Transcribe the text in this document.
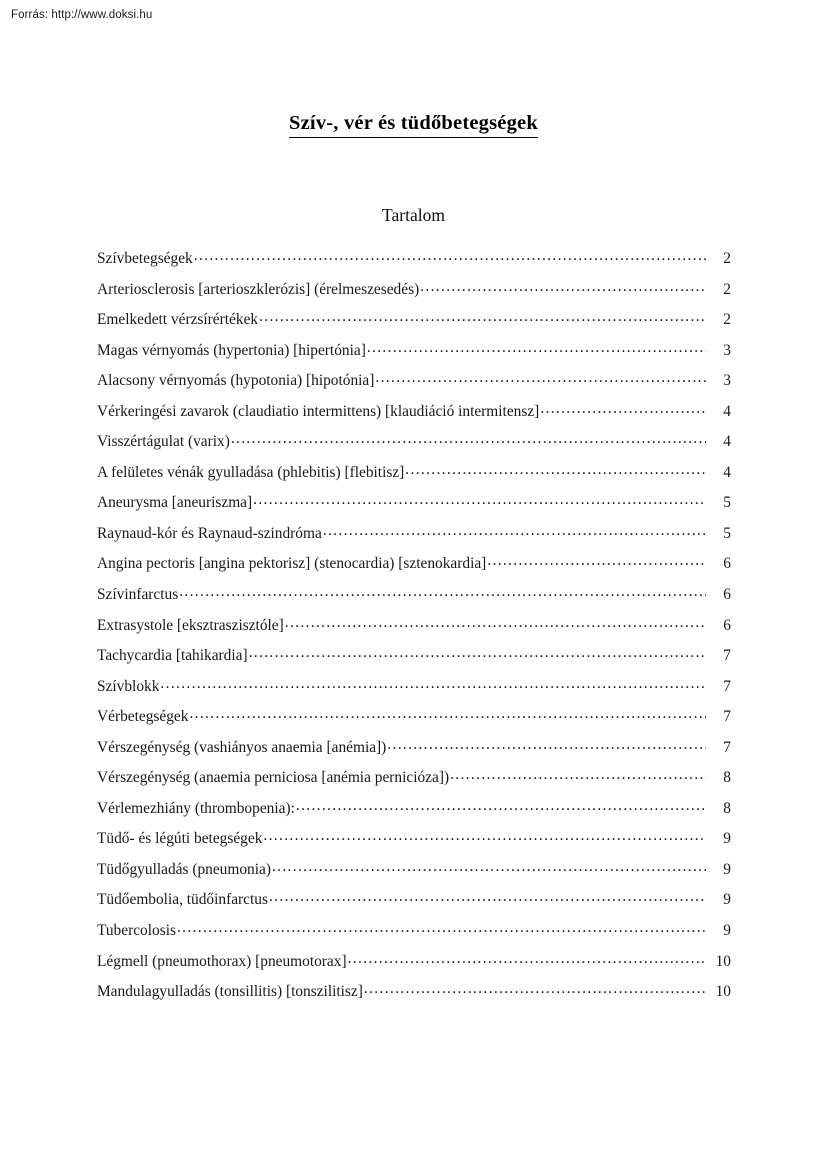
Forrás: http://www.doksi.hu
Szív-, vér és tüdőbetegségek
Tartalom
Szívbetegségek .....	2
Arteriosclerosis [arterioszklerózis] (érelmeszesedés) .....	2
Emelkedett vérzsírértékek .....	2
Magas vérnyomás (hypertonia) [hipertónia] .....	3
Alacsony vérnyomás (hypotonia) [hipotónia] .....	3
Vérkeringési zavarok (claudiatio intermittens) [klaudiáció intermitensz] .....	4
Visszértágulat (varix) .....	4
A felületes vénák gyulladása (phlebitis) [flebitisz] .....	4
Aneurysma [aneuriszma] .....	5
Raynaud-kór és Raynaud-szindróma .....	5
Angina pectoris [angina pektorisz] (stenocardia) [sztenokardia] .....	6
Szívinfarctus .....	6
Extrasystole [eksztraszisztóle] .....	6
Tachycardia [tahikardia] .....	7
Szívblokk .....	7
Vérbetegségek .....	7
Vérszegénység (vashiányos anaemia [anémia]) .....	7
Vérszegénység (anaemia perniciosa [anémia pernicióza]) .....	8
Vérlemezhiány (thrombopenia): .....	8
Tüdő- és légúti betegségek .....	9
Tüdőgyulladás (pneumonia) .....	9
Tüdőembolia, tüdőinfarctus .....	9
Tubercolosis .....	9
Légmell (pneumothorax) [pneumotorax] .....	10
Mandulagyulladás (tonsillitis) [tonszilitisz] .....	10
